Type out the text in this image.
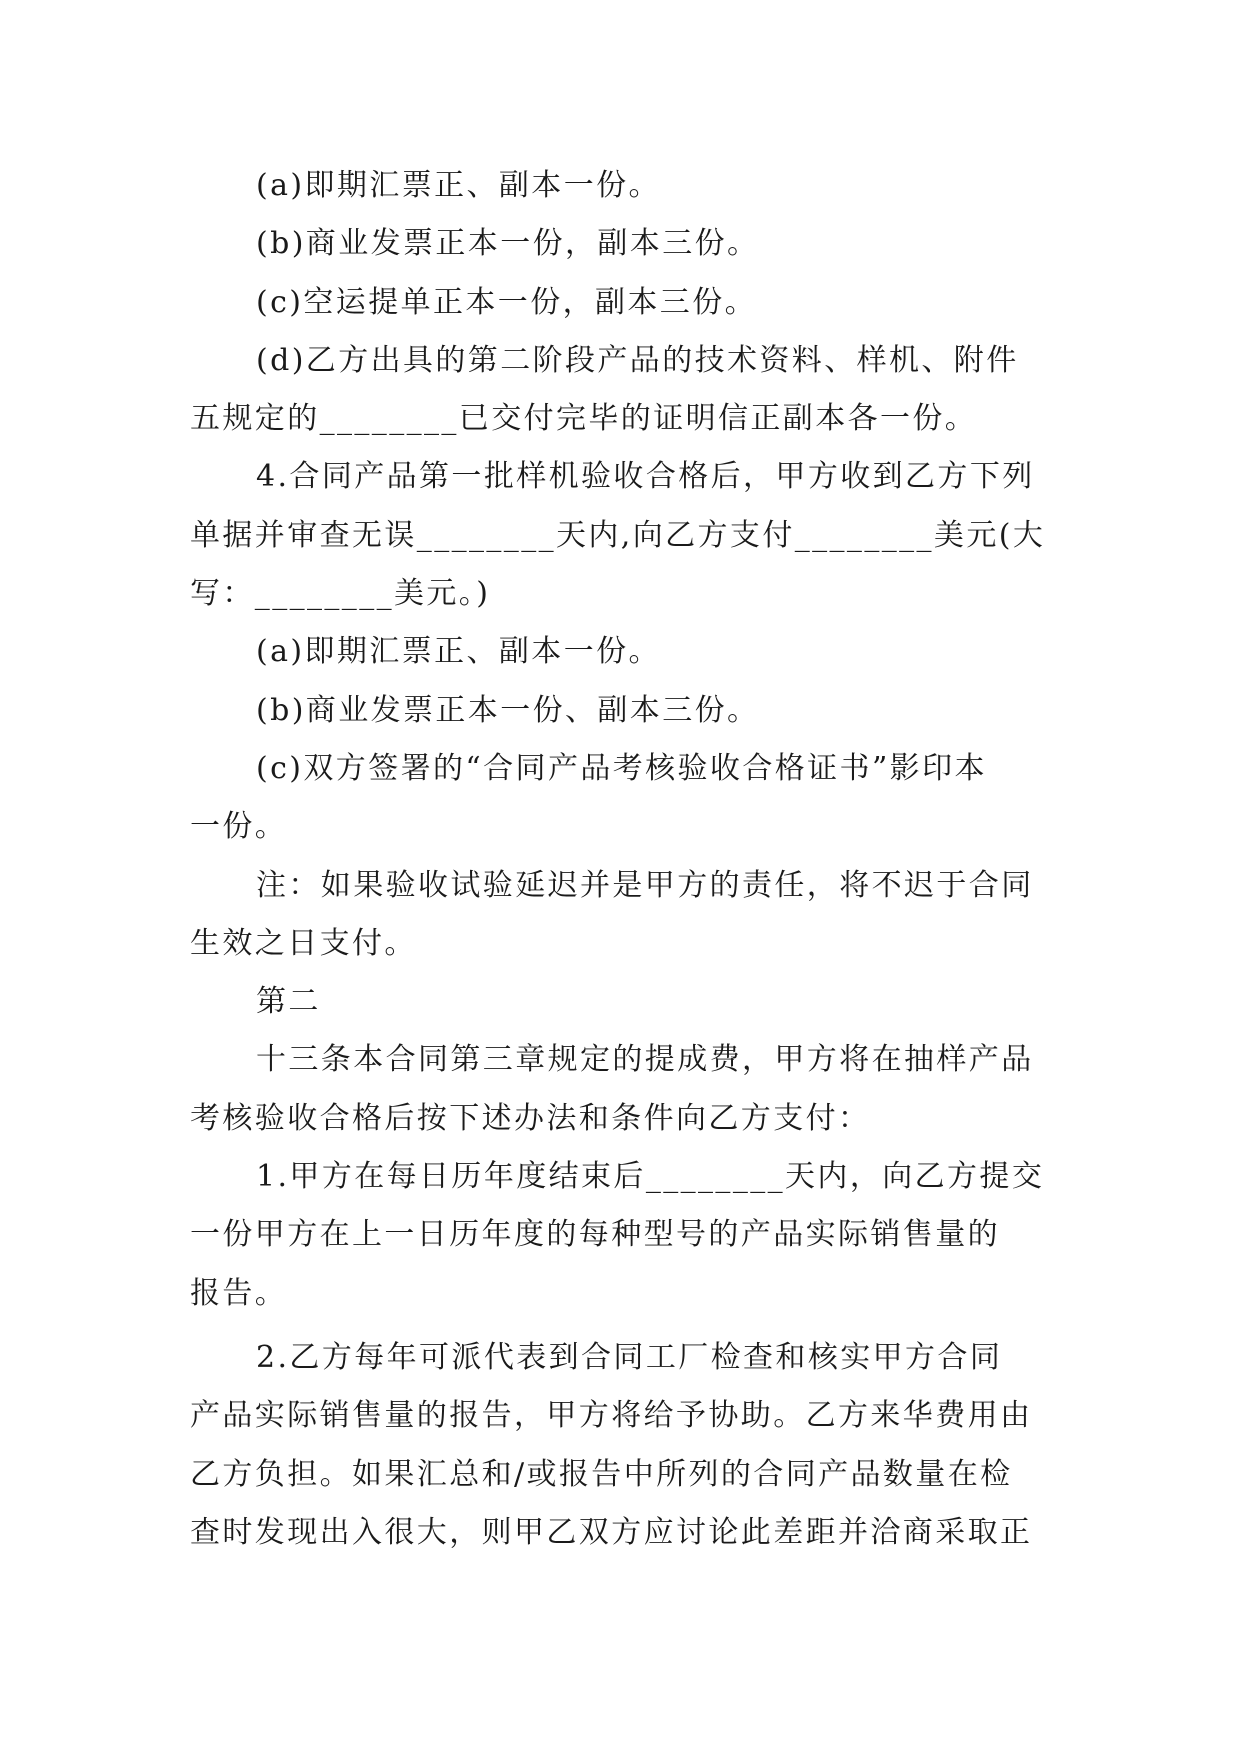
(a)即期汇票正、副本一份。
(b)商业发票正本一份，副本三份。
(c)空运提单正本一份，副本三份。
(d)乙方出具的第二阶段产品的技术资料、样机、附件
五规定的________已交付完毕的证明信正副本各一份。
4.合同产品第一批样机验收合格后，甲方收到乙方下列
单据并审查无误________天内,向乙方支付________美元(大
写：________美元。)
(a)即期汇票正、副本一份。
(b)商业发票正本一份、副本三份。
(c)双方签署的“合同产品考核验收合格证书”影印本
一份。
注：如果验收试验延迟并是甲方的责任，将不迟于合同
生效之日支付。
第二
十三条本合同第三章规定的提成费，甲方将在抽样产品
考核验收合格后按下述办法和条件向乙方支付：
1.甲方在每日历年度结束后________天内，向乙方提交
一份甲方在上一日历年度的每种型号的产品实际销售量的
报告。
2.乙方每年可派代表到合同工厂检查和核实甲方合同
产品实际销售量的报告，甲方将给予协助。乙方来华费用由
乙方负担。如果汇总和/或报告中所列的合同产品数量在检
查时发现出入很大，则甲乙双方应讨论此差距并洽商采取正
